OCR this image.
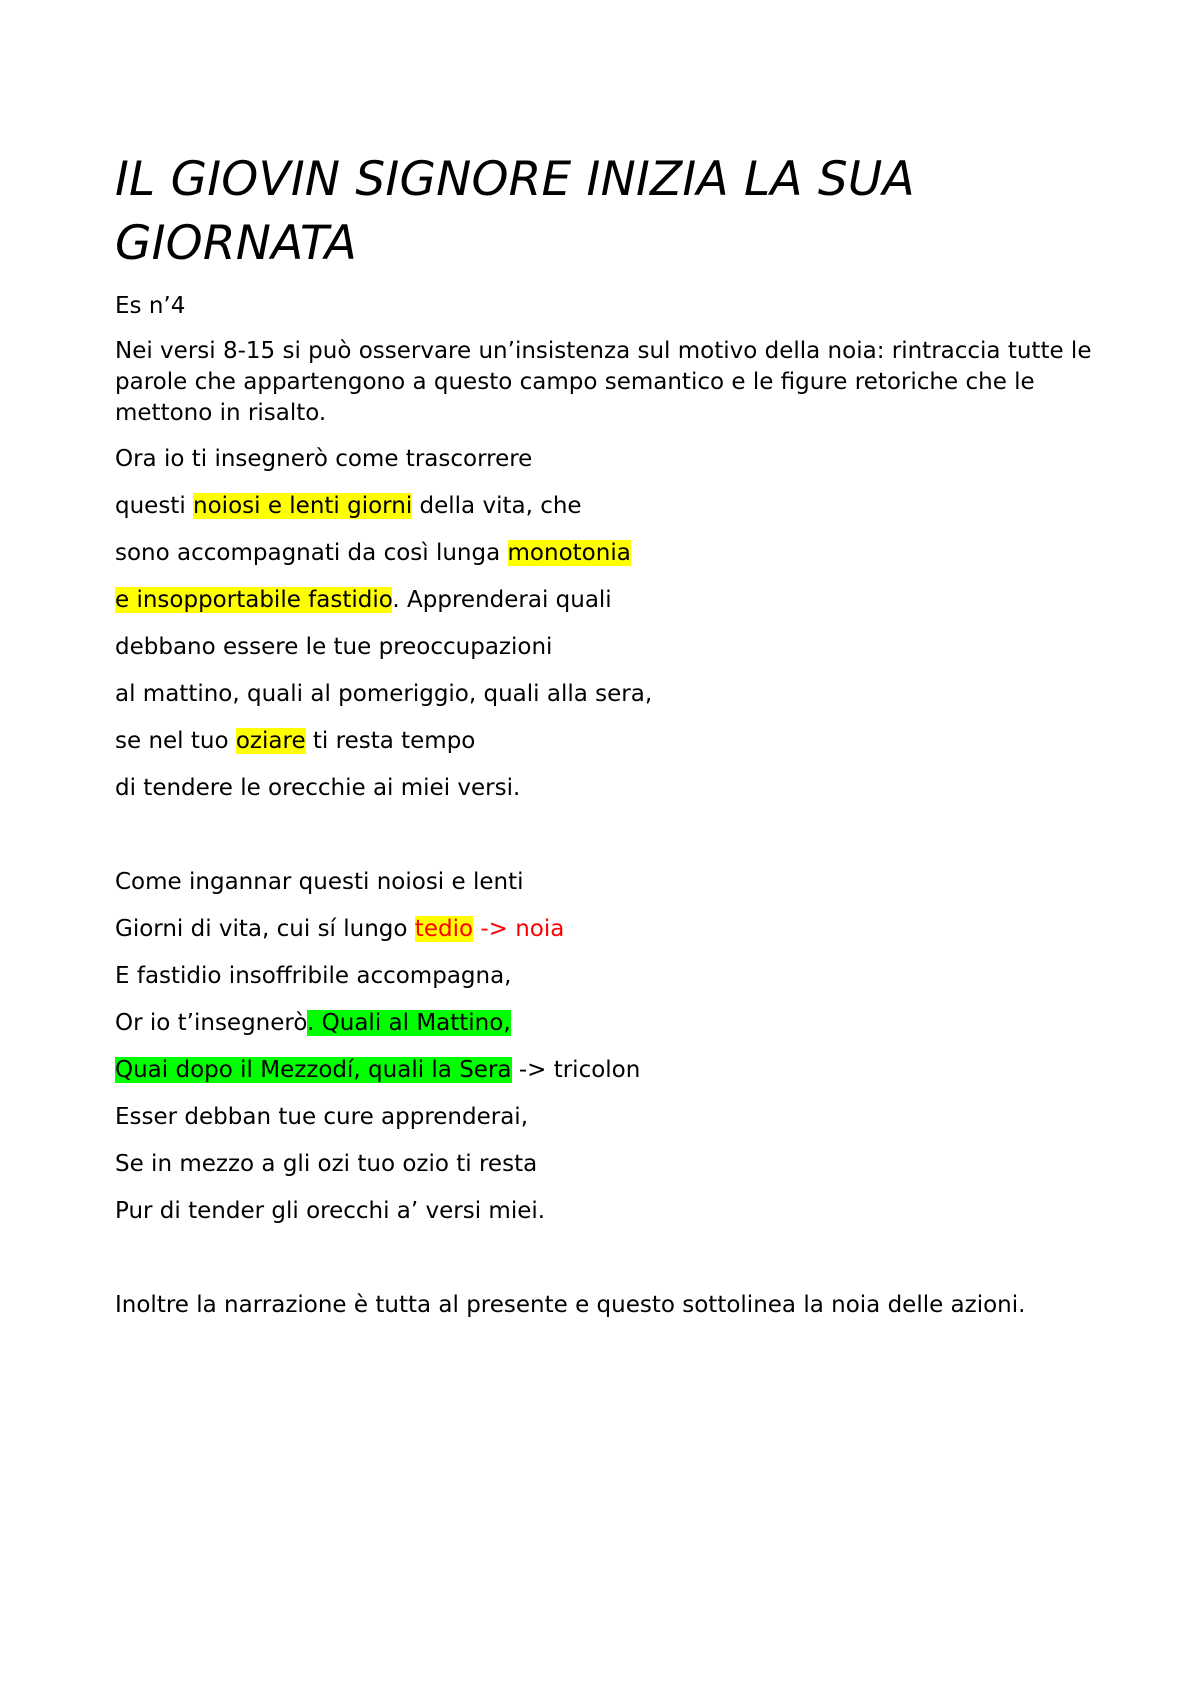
IL GIOVIN SIGNORE INIZIA LA SUA GIORNATA
Es n’4

Nei versi 8-15 si può osservare un’insistenza sul motivo della noia: rintraccia tutte le parole che appartengono a questo campo semantico e le figure retoriche che le mettono in risalto.

Ora io ti insegnerò come trascorrere
questi noiosi e lenti giorni della vita, che
sono accompagnati da così lunga monotonia
e insopportabile fastidio. Apprenderai quali
debbano essere le tue preoccupazioni
al mattino, quali al pomeriggio, quali alla sera,
se nel tuo oziare ti resta tempo
di tendere le orecchie ai miei versi.
Come ingannar questi noiosi e lenti
Giorni di vita, cui sí lungo tedio -> noia
E fastidio insoffribile accompagna,
Or io t’insegnerò. Quali al Mattino,
Quai dopo il Mezzodí, quali la Sera -> tricolon
Esser debban tue cure apprenderai,
Se in mezzo a gli ozi tuo ozio ti resta
Pur di tender gli orecchi a’ versi miei.
Inoltre la narrazione è tutta al presente e questo sottolinea la noia delle azioni.
